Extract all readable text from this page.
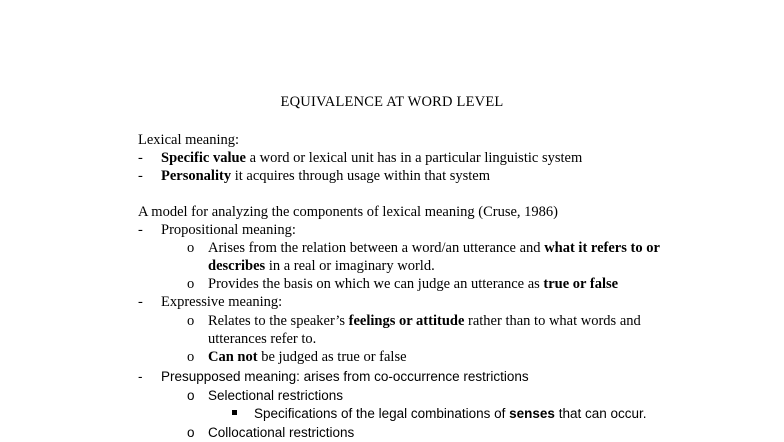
EQUIVALENCE AT WORD LEVEL
Lexical meaning:
- Specific value a word or lexical unit has in a particular linguistic system
- Personality it acquires through usage within that system
A model for analyzing the components of lexical meaning (Cruse, 1986)
- Propositional meaning:
o Arises from the relation between a word/an utterance and what it refers to or
describes in a real or imaginary world.
o Provides the basis on which we can judge an utterance as true or false
- Expressive meaning:
o Relates to the speaker’s feelings or attitude rather than to what words and
utterances refer to.
o Can not be judged as true or false
- Presupposed meaning: arises from co-occurrence restrictions
o Selectional restrictions
Specifications of the legal combinations of senses that can occur.
o Collocational restrictions
